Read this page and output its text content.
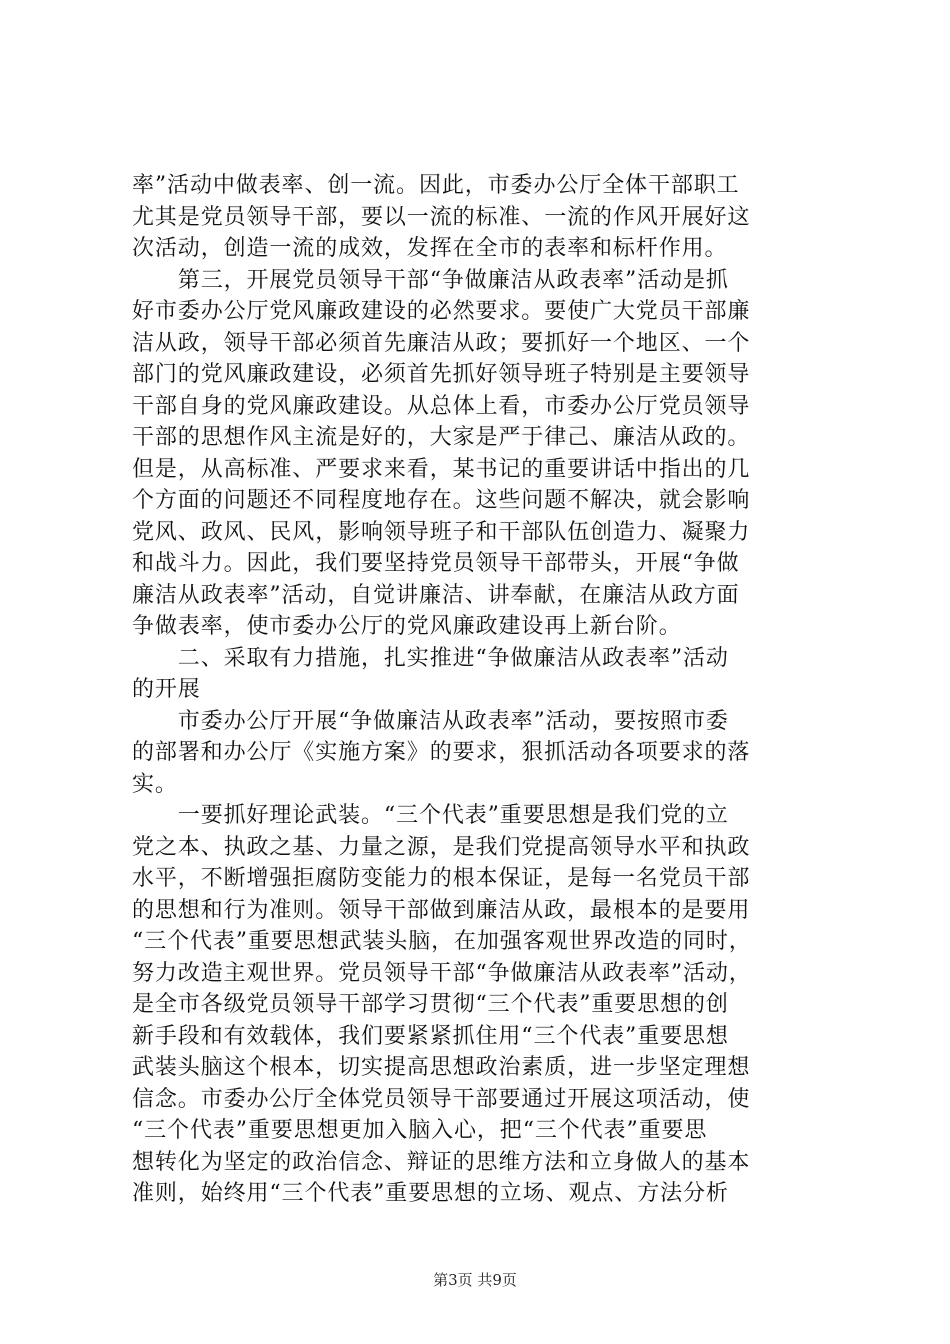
率”活动中做表率、创一流。因此，市委办公厅全体干部职工
尤其是党员领导干部，要以一流的标准、一流的作风开展好这
次活动，创造一流的成效，发挥在全市的表率和标杆作用。
　　第三，开展党员领导干部“争做廉洁从政表率”活动是抓
好市委办公厅党风廉政建设的必然要求。要使广大党员干部廉
洁从政，领导干部必须首先廉洁从政；要抓好一个地区、一个
部门的党风廉政建设，必须首先抓好领导班子特别是主要领导
干部自身的党风廉政建设。从总体上看，市委办公厅党员领导
干部的思想作风主流是好的，大家是严于律己、廉洁从政的。
但是，从高标准、严要求来看，某书记的重要讲话中指出的几
个方面的问题还不同程度地存在。这些问题不解决，就会影响
党风、政风、民风，影响领导班子和干部队伍创造力、凝聚力
和战斗力。因此，我们要坚持党员领导干部带头，开展“争做
廉洁从政表率”活动，自觉讲廉洁、讲奉献，在廉洁从政方面
争做表率，使市委办公厅的党风廉政建设再上新台阶。
　　二、采取有力措施，扎实推进“争做廉洁从政表率”活动
的开展
　　市委办公厅开展“争做廉洁从政表率”活动，要按照市委
的部署和办公厅《实施方案》的要求，狠抓活动各项要求的落
实。
　　一要抓好理论武装。“三个代表”重要思想是我们党的立
党之本、执政之基、力量之源，是我们党提高领导水平和执政
水平，不断增强拒腐防变能力的根本保证，是每一名党员干部
的思想和行为准则。领导干部做到廉洁从政，最根本的是要用
“三个代表”重要思想武装头脑，在加强客观世界改造的同时，
努力改造主观世界。党员领导干部“争做廉洁从政表率”活动，
是全市各级党员领导干部学习贯彻“三个代表”重要思想的创
新手段和有效载体，我们要紧紧抓住用“三个代表”重要思想
武装头脑这个根本，切实提高思想政治素质，进一步坚定理想
信念。市委办公厅全体党员领导干部要通过开展这项活动，使
“三个代表”重要思想更加入脑入心，把“三个代表”重要思
想转化为坚定的政治信念、辩证的思维方法和立身做人的基本
准则，始终用“三个代表”重要思想的立场、观点、方法分析
第3页 共9页
